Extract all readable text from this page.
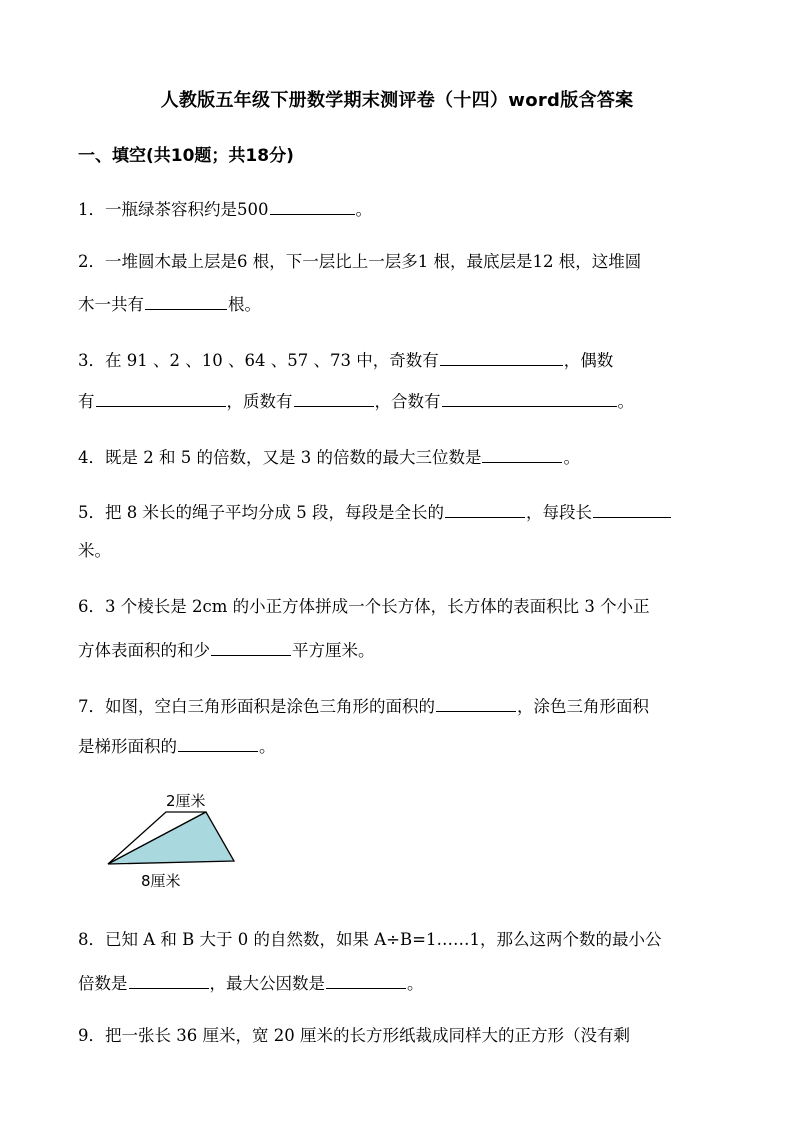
人教版五年级下册数学期末测评卷（十四）word版含答案
一、填空(共10题；共18分)
1．一瓶绿茶容积约是500	。
2．一堆圆木最上层是6 根，下一层比上一层多1 根，最底层是12 根，这堆圆
木一共有	根。
3．在 91 、2 、10 、64 、57 、73 中，奇数有	，偶数
有	，质数有	，合数有	。
4．既是 2 和 5 的倍数，又是 3 的倍数的最大三位数是	。
5．把 8 米长的绳子平均分成 5 段，每段是全长的	，每段长
米。
6．3 个棱长是 2cm 的小正方体拼成一个长方体，长方体的表面积比 3 个小正
方体表面积的和少	平方厘米。
7．如图，空白三角形面积是涂色三角形的面积的	，涂色三角形面积
是梯形面积的	。
2厘米
8厘米
8．已知 A 和 B 大于 0 的自然数，如果 A÷B=1……1，那么这两个数的最小公
倍数是	，最大公因数是	。
9．把一张长 36 厘米，宽 20 厘米的长方形纸裁成同样大的正方形（没有剩
